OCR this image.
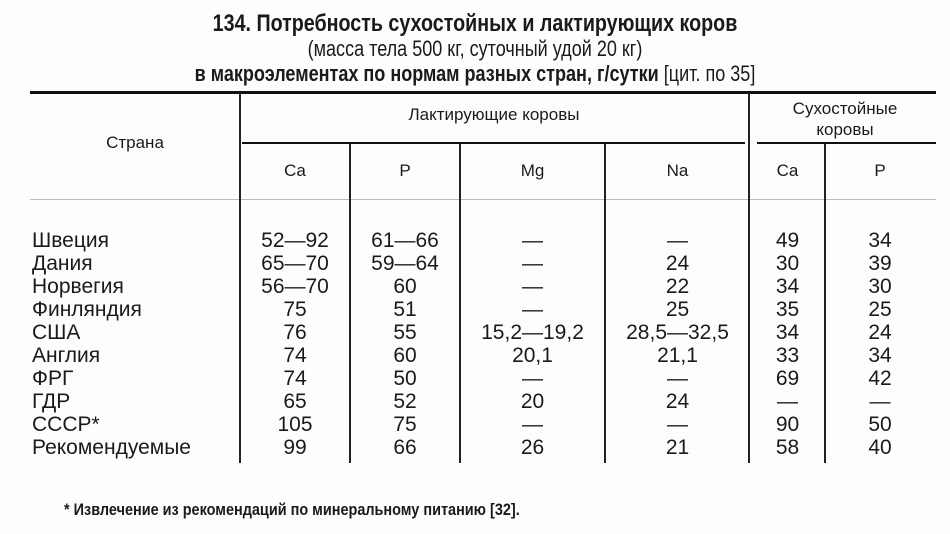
134. Потребность сухостойных и лактирующих коров
(масса тела 500 кг, суточный удой 20 кг)
в макроэлементах по нормам разных стран, г/сутки [цит. по 35]
Страна
Лактирующие коровы	Сухостойные коровы
Ca	P	Mg	Na	Ca	P
Швеция	52—92	61—66	—	—	49	34
Дания	65—70	59—64	—	24	30	39
Норвегия	56—70	60	—	22	34	30
Финляндия	75	51	—	25	35	25
США	76	55	15,2—19,2	28,5—32,5	34	24
Англия	74	60	20,1	21,1	33	34
ФРГ	74	50	—	—	69	42
ГДР	65	52	20	24	—	—
СССР*	105	75	—	—	90	50
Рекомендуемые	99	66	26	21	58	40
* Извлечение из рекомендаций по минеральному питанию [32].
